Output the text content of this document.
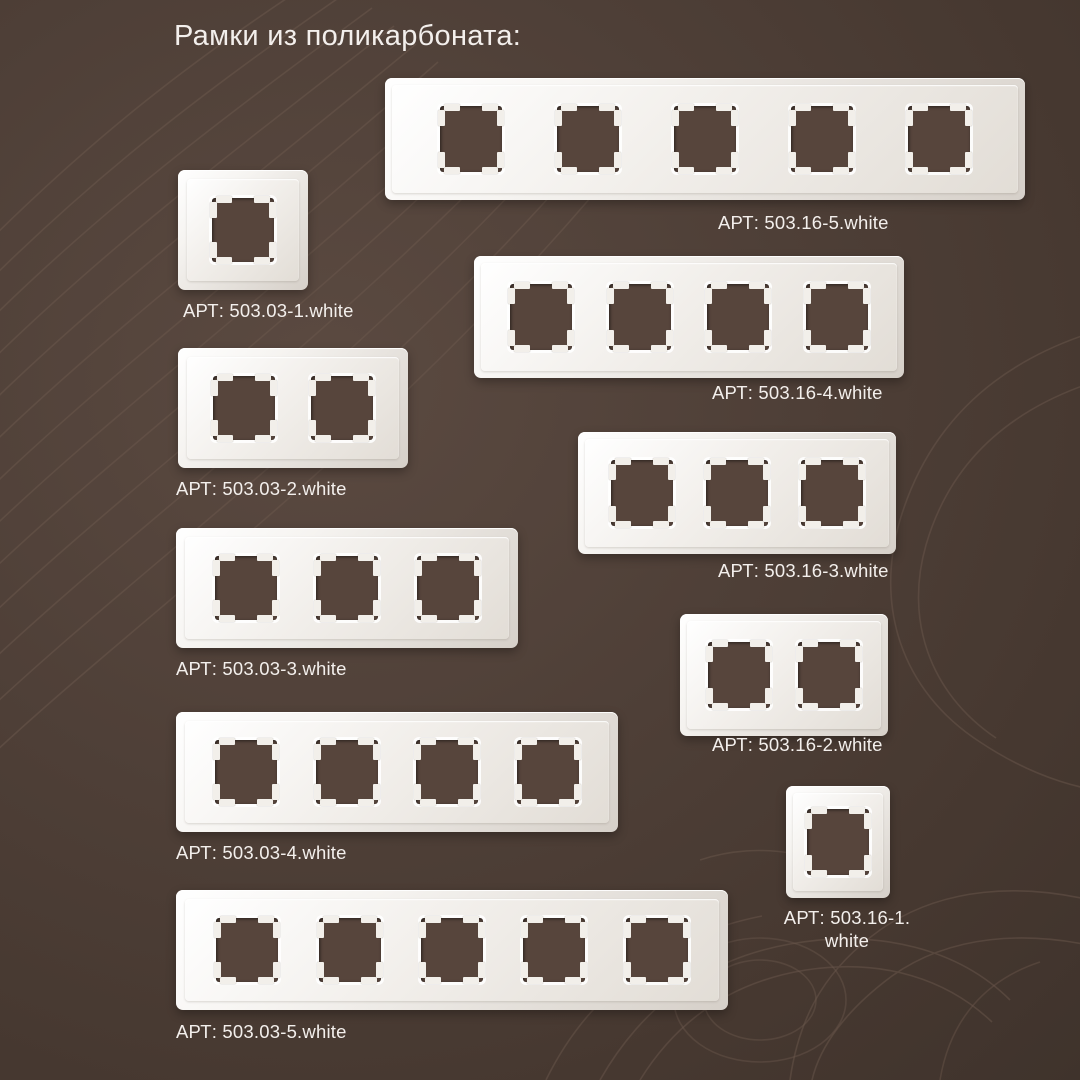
Рамки из поликарбоната:
АРТ: 503.16-5.white
АРТ: 503.03-1.white
АРТ: 503.16-4.white
АРТ: 503.03-2.white
АРТ: 503.16-3.white
АРТ: 503.03-3.white
АРТ: 503.16-2.white
АРТ: 503.03-4.white
АРТ: 503.16-1.
white
АРТ: 503.03-5.white
